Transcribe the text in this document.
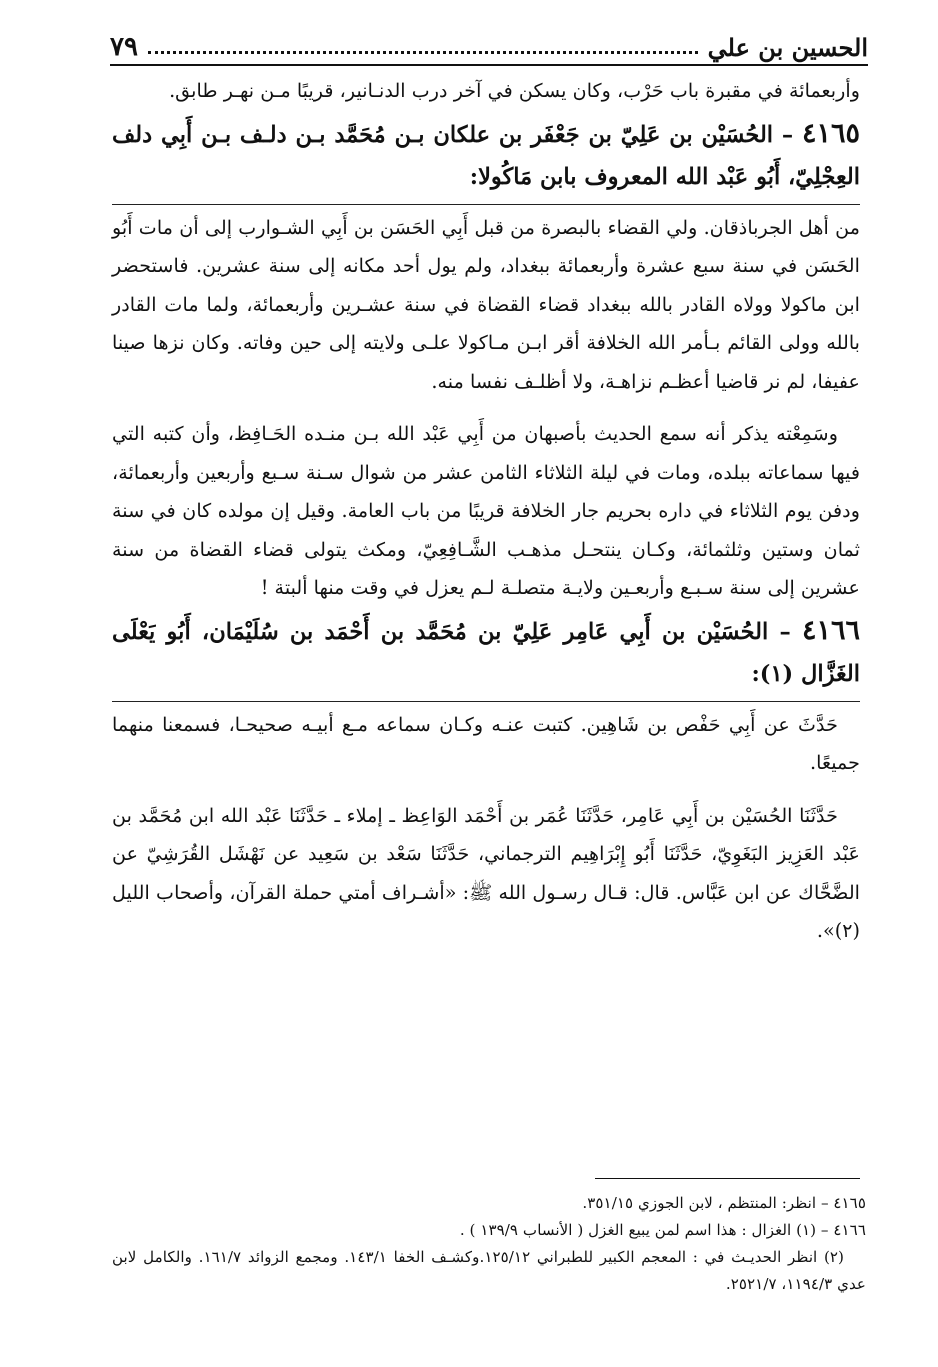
الحسين بن علي
٧٩

وأربعمائة في مقبرة باب حَرْب، وكان يسكن في آخر درب الدنـانير، قريبًا مـن نهـر طابق.

٤١٦٥ – الحُسَيْن بن عَلِيّ بن جَعْفَر بن علكان بـن مُحَمَّد بـن دلـف بـن أَبِي دلف العِجْلِيّ، أَبُو عَبْد الله المعروف بابن مَاكُولا:

من أهل الجرباذقان. ولي القضاء بالبصرة من قبل أَبِي الحَسَن بن أَبِي الشـوارب إلى أن مات أَبُو الحَسَن في سنة سبع عشرة وأربعمائة ببغداد، ولم يول أحد مكانه إلى سنة عشرين. فاستحضر ابن ماكولا وولاه القادر بالله ببغداد قضاء القضاة في سنة عشـرين وأربعمائة، ولما مات القادر بالله وولى القائم بـأمر الله الخلافة أقر ابـن مـاكولا علـى ولايته إلى حين وفاته. وكان نزها صينا عفيفا، لم نر قاضيا أعظـم نزاهـة، ولا أظلـف نفسا منه.

وسَمِعْته يذكر أنه سمع الحديث بأصبهان من أَبِي عَبْد الله بـن منـده الحَـافِظ، وأن كتبه التي فيها سماعاته ببلده، ومات في ليلة الثلاثاء الثامن عشر من شوال سـنة سـبع وأربعين وأربعمائة، ودفن يوم الثلاثاء في داره بحريم جار الخلافة قريبًا من باب العامة. وقيل إن مولده كان في سنة ثمان وستين وثلثمائة، وكـان ينتحـل مذهـب الشَّـافِعِيّ، ومكث يتولى قضاء القضاة من سنة عشرين إلى سنة سـبـع وأربعـين ولايـة متصلـة لـم يعزل في وقت منها ألبتة !

٤١٦٦ – الحُسَيْن بن أَبِي عَامِر عَلِيّ بن مُحَمَّد بن أَحْمَد بن سُلَيْمَان، أَبُو يَعْلَى الغَزَّال (١):

حَدَّثَ عن أَبِي حَفْص بن شَاهِين. كتبت عنـه وكـان سماعه مـع أبيـه صحيحـا، فسمعنا منهما جميعًا.

حَدَّثَنَا الحُسَيْن بن أَبِي عَامِر، حَدَّثَنَا عُمَر بن أَحْمَد الوَاعِظ ـ إملاء ـ حَدَّثَنَا عَبْد الله ابن مُحَمَّد بن عَبْد العَزِيز البَغَوِيّ، حَدَّثَنَا أَبُو إِبْرَاهِيم الترجماني، حَدَّثَنَا سَعْد بن سَعِيد عن نَهْشَل القُرَشِيّ عن الضَّحَّاك عن ابن عَبَّاس. قال: قـال رسـول الله ﷺ: «أشـراف أمتي حملة القرآن، وأصحاب الليل (٢)».

٤١٦٥ – انظر: المنتظم ، لابن الجوزي ٣٥١/١٥.

٤١٦٦ – (١) الغزال : هذا اسم لمن يبيع الغزل ( الأنساب ١٣٩/٩ ) .

(٢) انظر الحديـث في : المعجم الكبير للطبراني ١٢٥/١٢.وكشـف الخفا ١٤٣/١. ومجمع الزوائد ١٦١/٧. والكامل لابن عدي ١١٩٤/٣، ٢٥٢١/٧.
